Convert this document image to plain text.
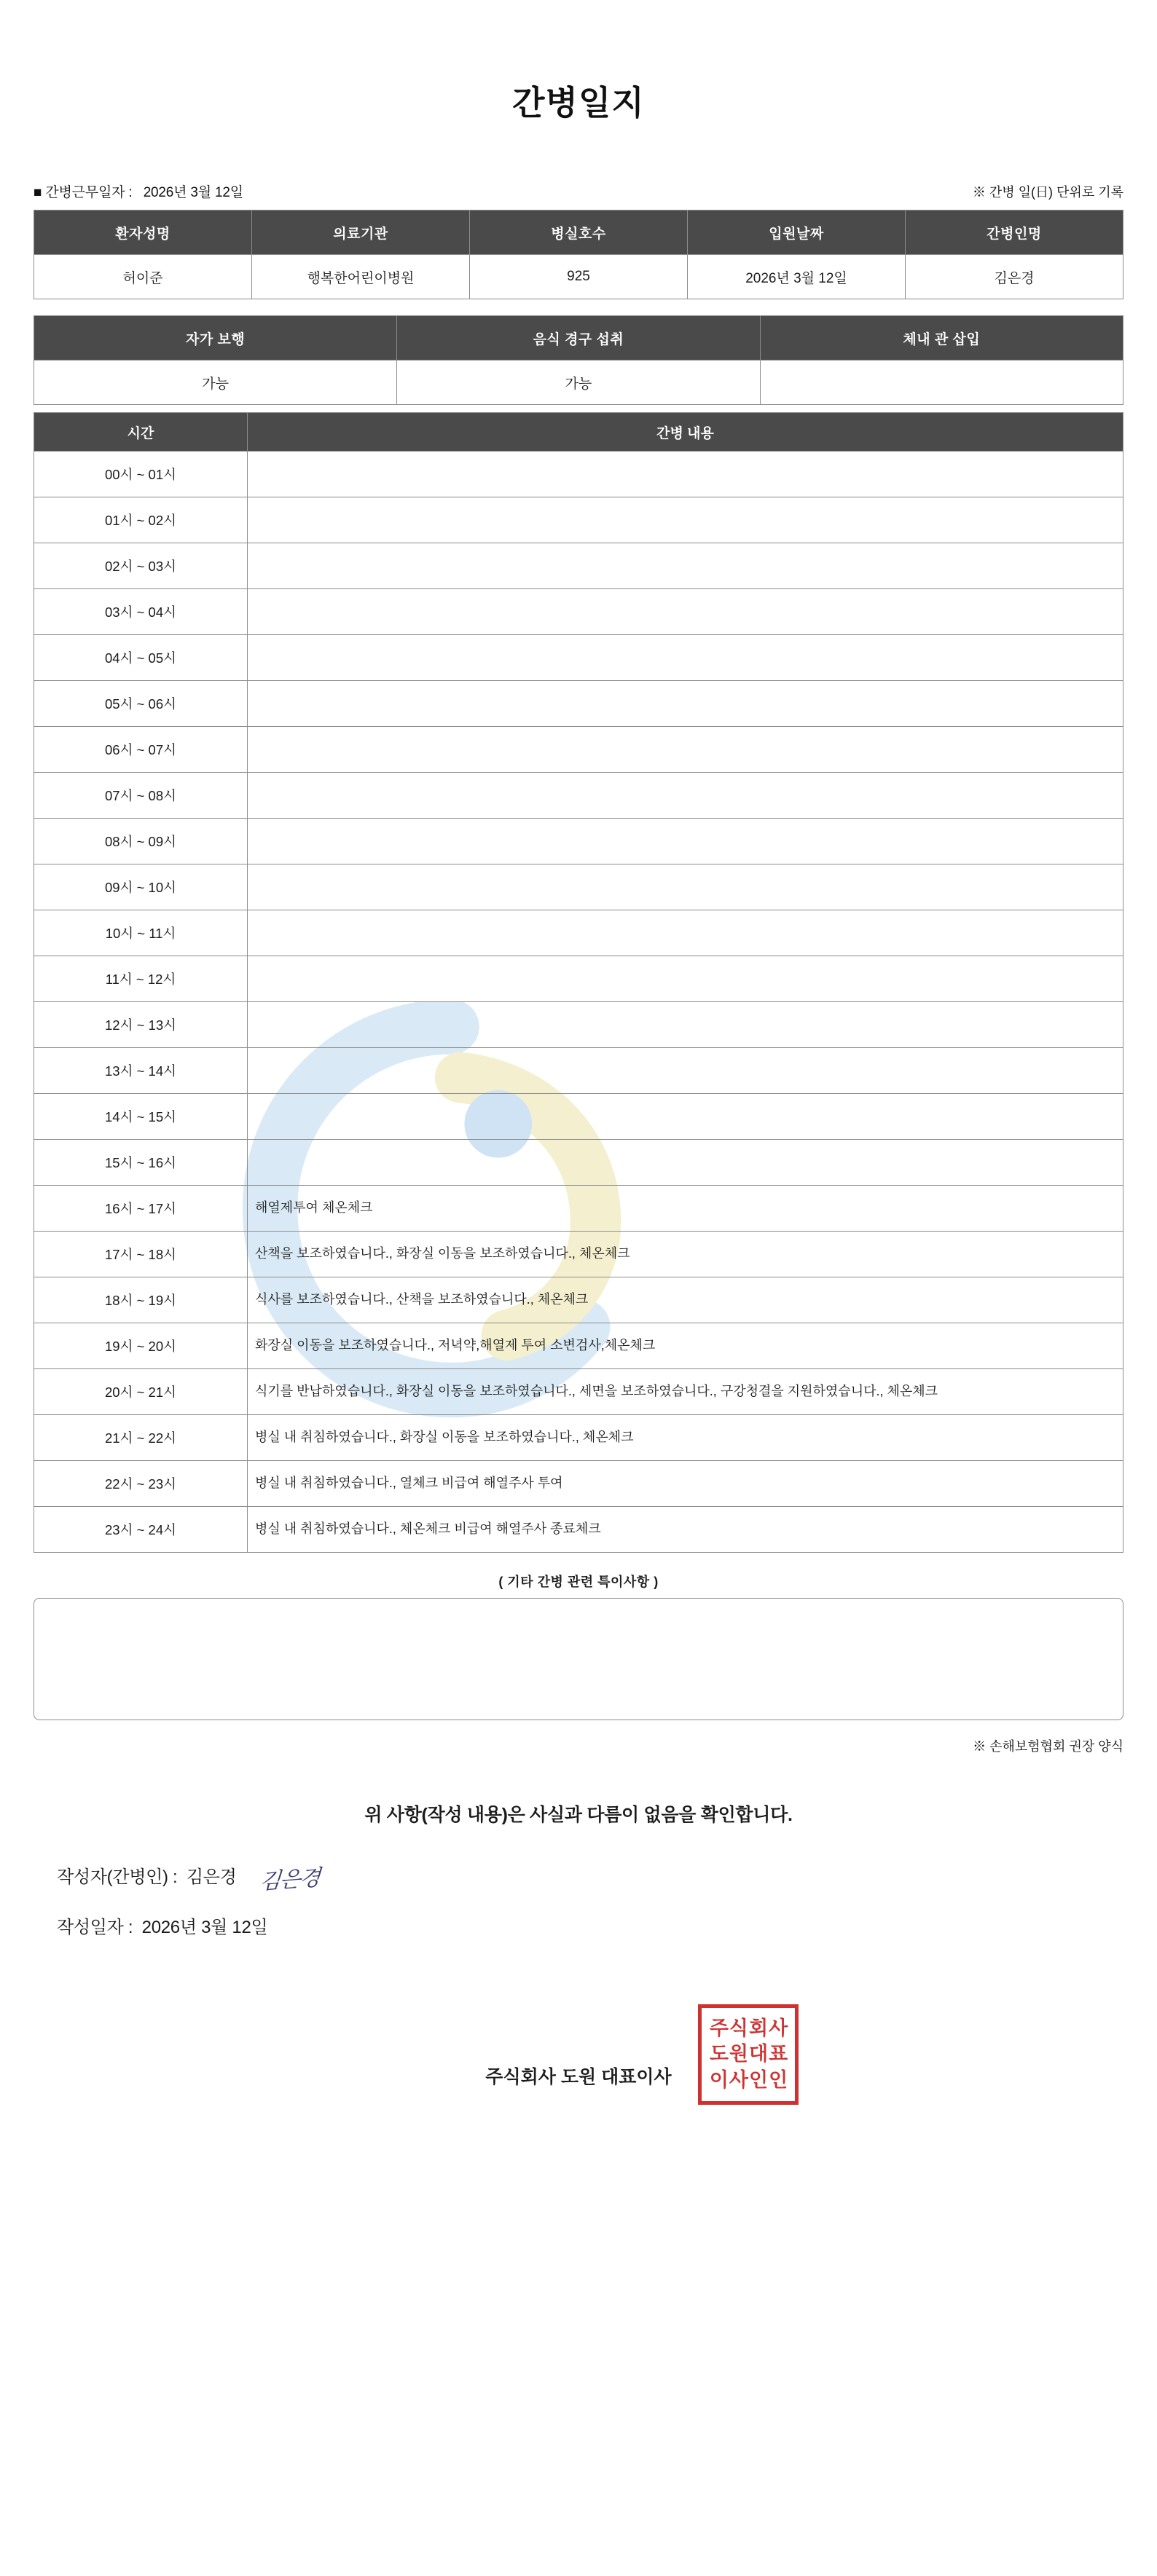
간병일지
■ 간병근무일자 : 2026년 3월 12일	※ 간병 일(日) 단위로 기록
환자성명	의료기관	병실호수	입원날짜	간병인명
허이준	행복한어린이병원	925	2026년 3월 12일	김은경
자가 보행	음식 경구 섭취	체내 관 삽입
가능	가능	
시간	간병 내용
00시 ~ 01시	
01시 ~ 02시	
02시 ~ 03시	
03시 ~ 04시	
04시 ~ 05시	
05시 ~ 06시	
06시 ~ 07시	
07시 ~ 08시	
08시 ~ 09시	
09시 ~ 10시	
10시 ~ 11시	
11시 ~ 12시	
12시 ~ 13시	
13시 ~ 14시	
14시 ~ 15시	
15시 ~ 16시	
16시 ~ 17시	해열제투여 체온체크
17시 ~ 18시	산책을 보조하였습니다., 화장실 이동을 보조하였습니다., 체온체크
18시 ~ 19시	식사를 보조하였습니다., 산책을 보조하였습니다., 체온체크
19시 ~ 20시	화장실 이동을 보조하였습니다., 저녁약,해열제 투여 소변검사,체온체크
20시 ~ 21시	식기를 반납하였습니다., 화장실 이동을 보조하였습니다., 세면을 보조하였습니다., 구강청결을 지원하였습니다., 체온체크
21시 ~ 22시	병실 내 취침하였습니다., 화장실 이동을 보조하였습니다., 체온체크
22시 ~ 23시	병실 내 취침하였습니다., 열체크 비급여 해열주사 투여
23시 ~ 24시	병실 내 취침하였습니다., 체온체크 비급여 해열주사 종료체크
( 기타 간병 관련 특이사항 )
※ 손해보험협회 권장 양식
위 사항(작성 내용)은 사실과 다름이 없음을 확인합니다.
작성자(간병인) : 김은경 김은경
작성일자 : 2026년 3월 12일
주식회사 도원 대표이사
주 식 회 사
도 원 대 표
이 사 인 인
